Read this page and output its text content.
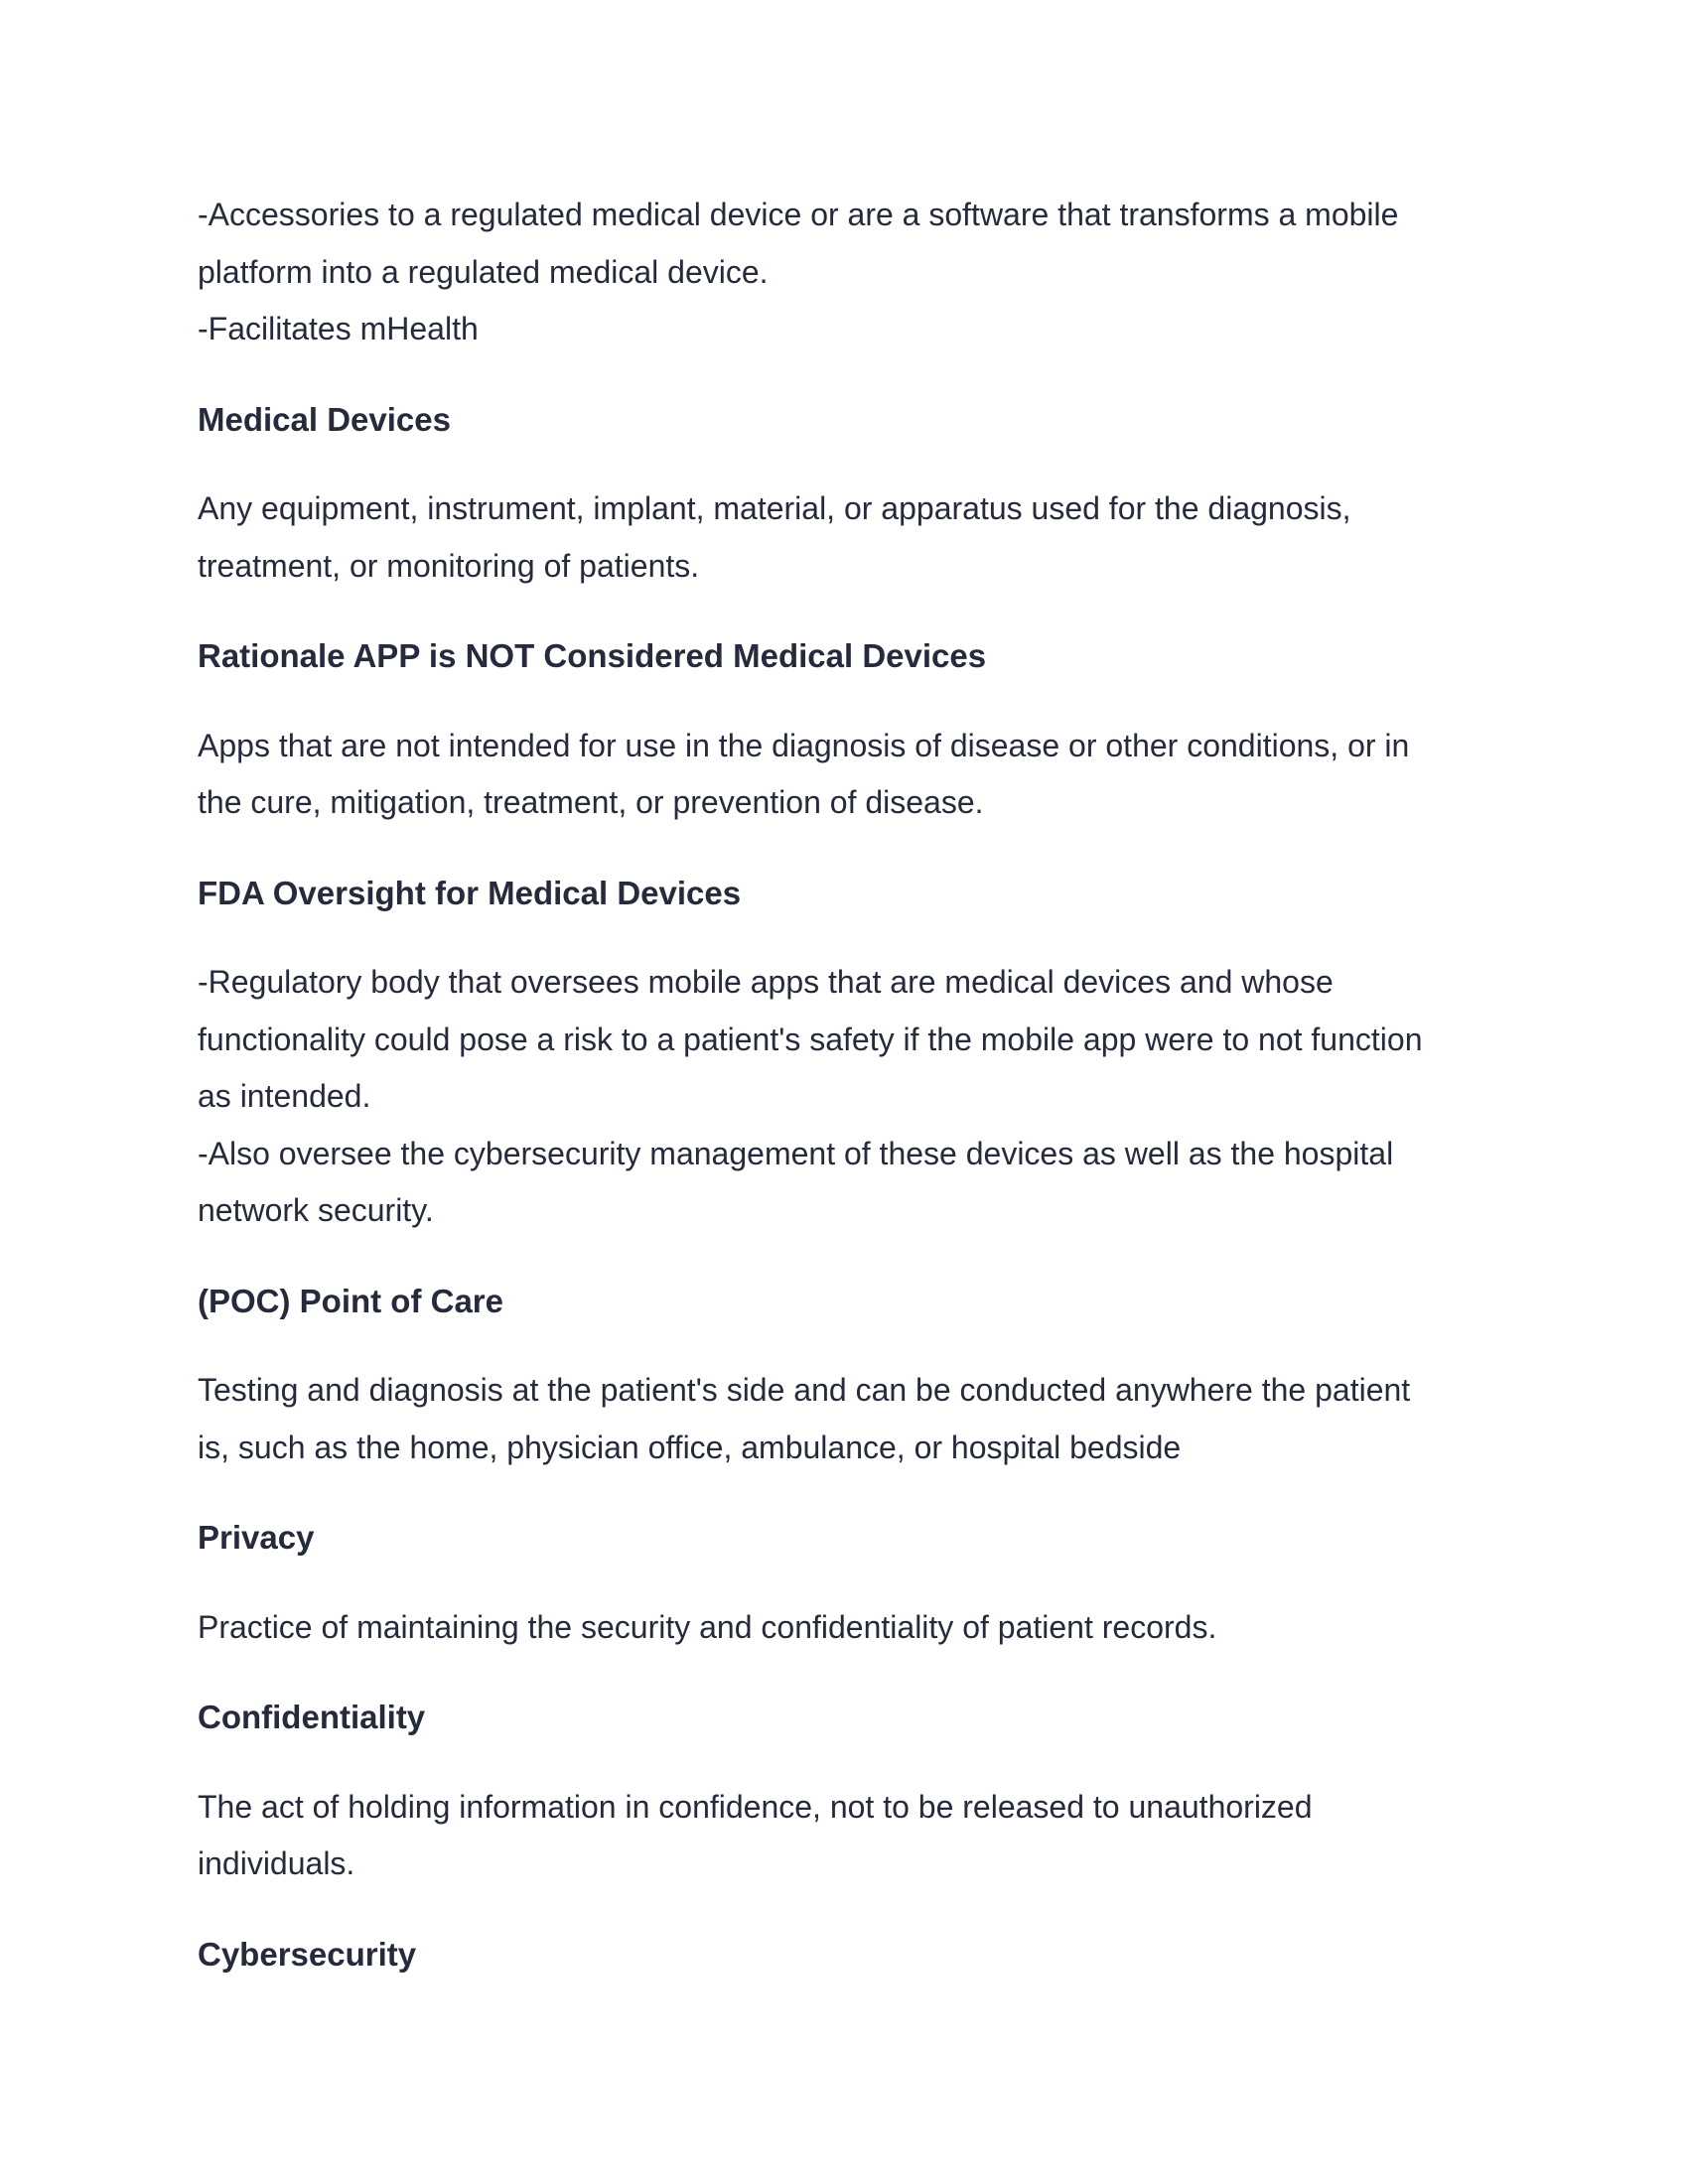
-Accessories to a regulated medical device or are a software that transforms a mobile
platform into a regulated medical device.

-Facilitates mHealth

Medical Devices

Any equipment, instrument, implant, material, or apparatus used for the diagnosis,
treatment, or monitoring of patients.

Rationale APP is NOT Considered Medical Devices

Apps that are not intended for use in the diagnosis of disease or other conditions, or in
the cure, mitigation, treatment, or prevention of disease.

FDA Oversight for Medical Devices

-Regulatory body that oversees mobile apps that are medical devices and whose
functionality could pose a risk to a patient's safety if the mobile app were to not function
as intended.
-Also oversee the cybersecurity management of these devices as well as the hospital
network security.

(POC) Point of Care

Testing and diagnosis at the patient's side and can be conducted anywhere the patient
is, such as the home, physician office, ambulance, or hospital bedside

Privacy

Practice of maintaining the security and confidentiality of patient records.

Confidentiality

The act of holding information in confidence, not to be released to unauthorized
individuals.

Cybersecurity
